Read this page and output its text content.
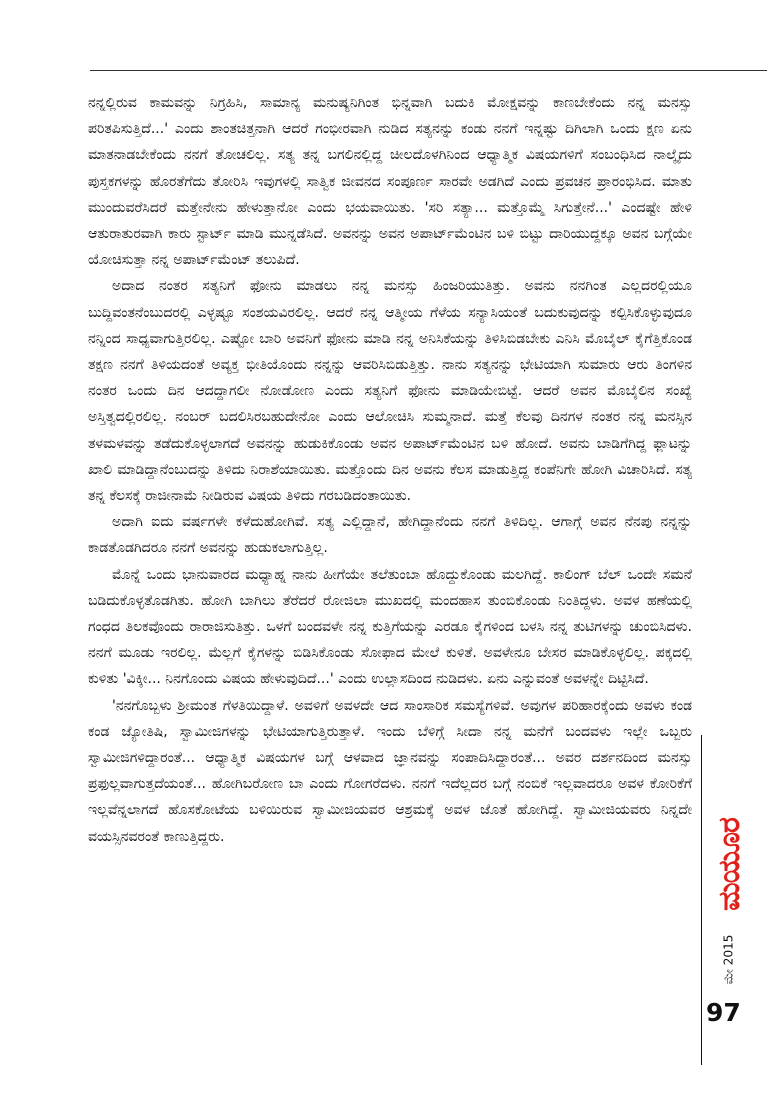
ನನ್ನಲ್ಲಿರುವ ಕಾಮವನ್ನು ನಿಗ್ರಹಿಸಿ, ಸಾಮಾನ್ಯ ಮನುಷ್ಯನಿಗಿಂತ ಭಿನ್ನವಾಗಿ ಬದುಕಿ ಮೋಕ್ಷವನ್ನು ಕಾಣಬೇಕೆಂದು ನನ್ನ ಮನಸ್ಸು ಪರಿತಪಿಸುತ್ತಿದೆ...' ಎಂದು ಶಾಂತಚಿತ್ತನಾಗಿ ಆದರೆ ಗಂಭೀರವಾಗಿ ನುಡಿದ ಸತ್ಯನನ್ನು ಕಂಡು ನನಗೆ ಇನ್ನಷ್ಟು ದಿಗಿಲಾಗಿ ಒಂದು ಕ್ಷಣ ಏನು ಮಾತನಾಡಬೇಕೆಂದು ನನಗೆ ತೋಚಲಿಲ್ಲ. ಸತ್ಯ ತನ್ನ ಬಗಲಿನಲ್ಲಿದ್ದ ಚೀಲದೊಳಗಿನಿಂದ ಆಧ್ಯಾತ್ಮಿಕ ವಿಷಯಗಳಿಗೆ ಸಂಬಂಧಿಸಿದ ನಾಲ್ಕೈದು ಪುಸ್ತಕಗಳನ್ನು ಹೊರತೆಗೆದು ತೋರಿಸಿ ಇವುಗಳಲ್ಲಿ ಸಾತ್ವಿಕ ಜೀವನದ ಸಂಪೂರ್ಣ ಸಾರವೇ ಅಡಗಿದೆ ಎಂದು ಪ್ರವಚನ ಪ್ರಾರಂಭಿಸಿದ. ಮಾತು ಮುಂದುವರೆಸಿದರೆ ಮತ್ತೇನೇನು ಹೇಳುತ್ತಾನೋ ಎಂದು ಭಯವಾಯಿತು. 'ಸರಿ ಸತ್ಯಾ... ಮತ್ತೊಮ್ಮೆ ಸಿಗುತ್ತೇನೆ...' ಎಂದಷ್ಟೇ ಹೇಳಿ ಆತುರಾತುರವಾಗಿ ಕಾರು ಸ್ಟಾರ್ಟ್ ಮಾಡಿ ಮುನ್ನಡೆಸಿದೆ. ಅವನನ್ನು ಅವನ ಅಪಾರ್ಟ್‌ಮೆಂಟಿನ ಬಳಿ ಬಿಟ್ಟು ದಾರಿಯುದ್ದಕ್ಕೂ ಅವನ ಬಗ್ಗೆಯೇ ಯೋಚಿಸುತ್ತಾ ನನ್ನ ಅಪಾರ್ಟ್‌ಮೆಂಟ್ ತಲುಪಿದೆ.

ಅದಾದ ನಂತರ ಸತ್ಯನಿಗೆ ಫೋನು ಮಾಡಲು ನನ್ನ ಮನಸ್ಸು ಹಿಂಜರಿಯುತಿತ್ತು. ಅವನು ನನಗಿಂತ ಎಲ್ಲದರಲ್ಲಿಯೂ ಬುದ್ದಿವಂತನೆಂಬುದರಲ್ಲಿ ಎಳ್ಳಷ್ಟೂ ಸಂಶಯವಿರಲಿಲ್ಲ. ಆದರೆ ನನ್ನ ಆತ್ಮೀಯ ಗೆಳೆಯ ಸನ್ಯಾಸಿಯಂತೆ ಬದುಕುವುದನ್ನು ಕಲ್ಪಿಸಿಕೊಳ್ಳುವುದೂ ನನ್ನಿಂದ ಸಾಧ್ಯವಾಗುತ್ತಿರಲಿಲ್ಲ. ಎಷ್ಟೋ ಬಾರಿ ಅವನಿಗೆ ಫೋನು ಮಾಡಿ ನನ್ನ ಅನಿಸಿಕೆಯನ್ನು ತಿಳಿಸಿಬಿಡಬೇಕು ಎನಿಸಿ ಮೊಬೈಲ್ ಕೈಗೆತ್ತಿಕೊಂಡ ತಕ್ಷಣ ನನಗೆ ತಿಳಿಯದಂತೆ ಅವ್ಯಕ್ತ ಭೀತಿಯೊಂದು ನನ್ನನ್ನು ಆವರಿಸಿಬಿಡುತ್ತಿತ್ತು. ನಾನು ಸತ್ಯನನ್ನು ಭೇಟಿಯಾಗಿ ಸುಮಾರು ಆರು ತಿಂಗಳಿನ ನಂತರ ಒಂದು ದಿನ ಆದದ್ದಾಗಲೀ ನೋಡೋಣ ಎಂದು ಸತ್ಯನಿಗೆ ಫೋನು ಮಾಡಿಯೇಬಿಟ್ಟೆ. ಆದರೆ ಅವನ ಮೊಬೈಲಿನ ಸಂಖ್ಯೆ ಅಸ್ತಿತ್ವದಲ್ಲಿರಲಿಲ್ಲ. ನಂಬರ್ ಬದಲಿಸಿರಬಹುದೇನೋ ಎಂದು ಆಲೋಚಿಸಿ ಸುಮ್ಮನಾದೆ. ಮತ್ತೆ ಕೆಲವು ದಿನಗಳ ನಂತರ ನನ್ನ ಮನಸ್ಸಿನ ತಳಮಳವನ್ನು ತಡೆದುಕೊಳ್ಳಲಾಗದೆ ಅವನನ್ನು ಹುಡುಕಿಕೊಂಡು ಅವನ ಅಪಾರ್ಟ್‌ಮೆಂಟಿನ ಬಳಿ ಹೋದೆ. ಅವನು ಬಾಡಿಗೆಗಿದ್ದ ಫ್ಲಾಟನ್ನು ಖಾಲಿ ಮಾಡಿದ್ದಾನೆಂಬುದನ್ನು ತಿಳಿದು ನಿರಾಶೆಯಾಯಿತು. ಮತ್ತೊಂದು ದಿನ ಅವನು ಕೆಲಸ ಮಾಡುತ್ತಿದ್ದ ಕಂಪೆನಿಗೇ ಹೋಗಿ ವಿಚಾರಿಸಿದೆ. ಸತ್ಯ ತನ್ನ ಕೆಲಸಕ್ಕೆ ರಾಜೀನಾಮೆ ನೀಡಿರುವ ವಿಷಯ ತಿಳಿದು ಗರಬಡಿದಂತಾಯಿತು.

ಅದಾಗಿ ಐದು ವರ್ಷಗಳೇ ಕಳೆದುಹೋಗಿವೆ. ಸತ್ಯ ಎಲ್ಲಿದ್ದಾನೆ, ಹೇಗಿದ್ದಾನೆಂದು ನನಗೆ ತಿಳಿದಿಲ್ಲ. ಆಗಾಗ್ಗೆ ಅವನ ನೆನಪು ನನ್ನನ್ನು ಕಾಡತೊಡಗಿದರೂ ನನಗೆ ಅವನನ್ನು ಹುಡುಕಲಾಗುತ್ತಿಲ್ಲ.

ಮೊನ್ನೆ ಒಂದು ಭಾನುವಾರದ ಮಧ್ಯಾಹ್ನ ನಾನು ಹೀಗೆಯೇ ತಲೆತುಂಬಾ ಹೊದ್ದುಕೊಂಡು ಮಲಗಿದ್ದೆ. ಕಾಲಿಂಗ್ ಬೆಲ್ ಒಂದೇ ಸಮನೆ ಬಡಿದುಕೊಳ್ಳತೊಡಗಿತು. ಹೋಗಿ ಬಾಗಿಲು ತೆರೆದರೆ ರೋಜಿಲಾ ಮುಖದಲ್ಲಿ ಮಂದಹಾಸ ತುಂಬಿಕೊಂಡು ನಿಂತಿದ್ದಳು. ಅವಳ ಹಣೆಯಲ್ಲಿ ಗಂಧದ ತಿಲಕವೊಂದು ರಾರಾಜಿಸುತಿತ್ತು. ಒಳಗೆ ಬಂದವಳೇ ನನ್ನ ಕುತ್ತಿಗೆಯನ್ನು ಎರಡೂ ಕೈಗಳಿಂದ ಬಳಸಿ ನನ್ನ ತುಟಿಗಳನ್ನು ಚುಂಬಿಸಿದಳು. ನನಗೆ ಮೂಡು ಇರಲಿಲ್ಲ. ಮೆಲ್ಲಗೆ ಕೈಗಳನ್ನು ಬಿಡಿಸಿಕೊಂಡು ಸೋಫಾದ ಮೇಲೆ ಕುಳಿತೆ. ಅವಳೇನೂ ಬೇಸರ ಮಾಡಿಕೊಳ್ಳಲಿಲ್ಲ. ಪಕ್ಕದಲ್ಲಿ ಕುಳಿತು 'ವಿಕ್ಕೀ... ನಿನಗೊಂದು ವಿಷಯ ಹೇಳುವುದಿದೆ...' ಎಂದು ಉಲ್ಲಾಸದಿಂದ ನುಡಿದಳು. ಏನು ಎನ್ನುವಂತೆ ಅವಳನ್ನೇ ದಿಟ್ಟಿಸಿದೆ.

'ನನಗೊಬ್ಬಳು ಶ್ರೀಮಂತ ಗೆಳತಿಯಿದ್ದಾಳೆ. ಅವಳಿಗೆ ಅವಳದೇ ಆದ ಸಾಂಸಾರಿಕ ಸಮಸ್ಯೆಗಳಿವೆ. ಅವುಗಳ ಪರಿಹಾರಕ್ಕೆಂದು ಅವಳು ಕಂಡ ಕಂಡ ಜ್ಯೋತಿಷಿ, ಸ್ವಾಮೀಜಿಗಳನ್ನು ಭೇಟಿಯಾಗುತ್ತಿರುತ್ತಾಳೆ. ಇಂದು ಬೆಳಿಗ್ಗೆ ಸೀದಾ ನನ್ನ ಮನೆಗೆ ಬಂದವಳು ಇಲ್ಲೇ ಒಬ್ಬರು ಸ್ವಾಮೀಜಿಗಳಿದ್ದಾರಂತೆ... ಆಧ್ಯಾತ್ಮಿಕ ವಿಷಯಗಳ ಬಗ್ಗೆ ಆಳವಾದ ಜ್ಞಾನವನ್ನು ಸಂಪಾದಿಸಿದ್ದಾರಂತೆ... ಅವರ ದರ್ಶನದಿಂದ ಮನಸ್ಸು ಪ್ರಫುಲ್ಲವಾಗುತ್ತದೆಯಂತೆ... ಹೋಗಿಬರೋಣ ಬಾ ಎಂದು ಗೋಗರೆದಳು. ನನಗೆ ಇದೆಲ್ಲದರ ಬಗ್ಗೆ ನಂಬಿಕೆ ಇಲ್ಲವಾದರೂ ಅವಳ ಕೋರಿಕೆಗೆ ಇಲ್ಲವೆನ್ನಲಾಗದೆ ಹೊಸಕೋಟೆಯ ಬಳಿಯಿರುವ ಸ್ವಾಮೀಜಿಯವರ ಆಶ್ರಮಕ್ಕೆ ಅವಳ ಜೊತೆ ಹೋಗಿದ್ದೆ. ಸ್ವಾಮೀಜಿಯವರು ನಿನ್ನದೇ ವಯಸ್ಸಿನವರಂತೆ ಕಾಣುತ್ತಿದ್ದರು.	ಮಯೂರ
ಮೇ 2015
97
